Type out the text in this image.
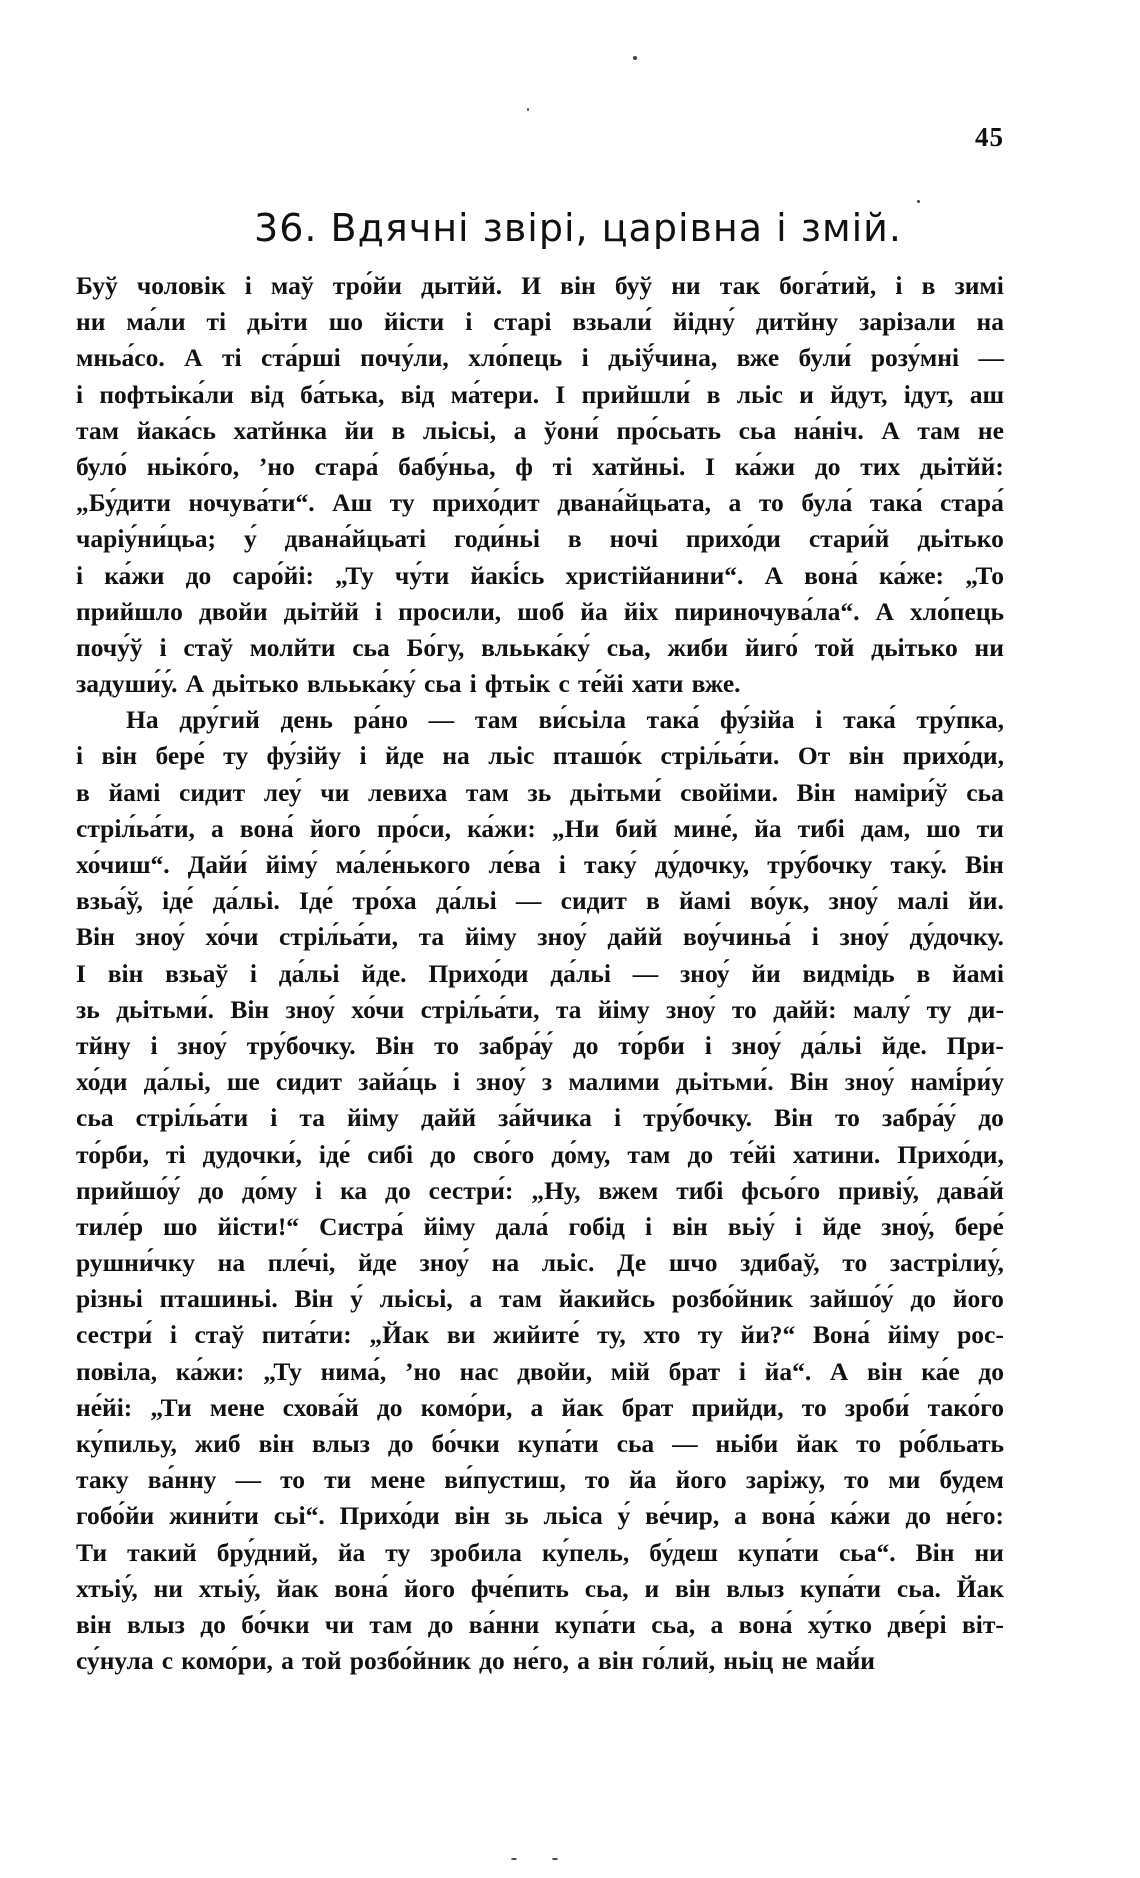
45
36. Вдячні звірі, царівна і змій.
Буў чоловік і маў тро́йи дытйй. И він буў ни так бога́тий, і в зимі
ни ма́ли ті дьіти шо йісти і старі взьали́ йідну́ дитйну зарізали на
мньа́со. А ті ста́рші почу́ли, хло́пець і дьіў́чина, вже були́ розу́мні —
і пофтьіка́ли від ба́тька, від ма́тери. І прийшли́ в льіс и йдут, ідут, аш
там йака́сь хатйнка йи в льісьі, а ўони́ про́сьать сьа на́ніч. А там не
було́ ньіко́го, ’но стара́ бабу́ньа, ф ті хатйньі. І ка́жи до тих дьітйй:
„Бу́дити ночува́ти“. Аш ту прихо́дит двана́йцьата, а то була́ така́ стара́
чаріу́ни́цьа; у́ двана́йцьаті годи́ньі в ночі прихо́ди стари́й дьітько
і ка́жи до саро́йі: „Ту чу́ти йакі́сь христійанини“. А вона́ ка́же: „То
прийшло двойи дьітйй і просили, шоб йа йіх пириночува́ла“. А хло́пець
почу́ў і стаў молйти сьа Бо́гу, вльька́ку́ сьа, жиби йиго́ той дьітько ни
задуши́у́. А дьітько вльька́ку́ сьа і фтьік с те́йі хати вже.
На дру́гий день ра́но — там ви́сьіла така́ фу́зійа і така́ тру́пка,
і він бере́ ту фу́зійу і йде на льіс пташо́к стріл́ьа́ти. От він прихо́ди,
в йамі сидит леу́ чи левиха там зь дьітьми́ свойіми. Він наміри́ў сьа
стріл́ьа́ти, а вона́ його про́си, ка́жи: „Ни бий мине́, йа тибі дам, шо ти
хо́чиш“. Дайи́ йіму́ ма́ле́нького ле́ва і таку́ ду́дочку, тру́бочку таку́. Він
взьа́ў, іде́ да́льі. Іде́ тро́ха да́льі — сидит в йамі во́ук, зноу́ малі йи.
Він зноу́ хо́чи стріл́ьа́ти, та йіму зноу́ дайй воу́чиньа́ і зноу́ ду́дочку.
І він взьаў і да́льі йде. Прихо́ди да́льі — зноу́ йи видмідь в йамі
зь дьітьми́. Він зноу́ хо́чи стріл́ьа́ти, та йіму зноу́ то дайй: малу́ ту ди-
тйну і зноу́ тру́бочку. Він то забра́у́ до то́рби і зноу́ да́льі йде. При-
хо́ди да́льі, ше сидит зайа́ць і зноу́ з малими дьітьми́. Він зноу́ намі́ри́у
сьа стріл́ьа́ти і та йіму дайй за́йчика і тру́бочку. Він то забра́у́ до
то́рби, ті дудочки́, іде́ сибі до сво́го до́му, там до те́йі хатини. Прихо́ди,
прийшо́у́ до до́му і ка до сестри́: „Ну, вжем тибі фсьо́го привіу́, дава́й
тиле́р шо йісти!“ Систра́ йіму дала́ гобід і він вьіу́ і йде зноу́, бере́
рушни́чку на пле́чі, йде зноу́ на льіс. Де шчо здибаў, то застрілиу́,
різньі пташиньі. Він у́ льісьі, а там йакийсь розбо́йник зайшо́у́ до його
сестри́ і стаў пита́ти: „Йак ви жийите́ ту, хто ту йи?“ Вона́ йіму рос-
повіла, ка́жи: „Ту нима́, ’но нас двойи, мій брат і йа“. А він ка́е до
не́йі: „Ти мене схова́й до комо́ри, а йак брат прийди, то зроби́ тако́го
ку́пильу, жиб він влыз до бо́чки купа́ти сьа — ньіби йак то ро́бльать
таку ва́нну — то ти мене ви́пустиш, то йа його заріжу, то ми будем
гобо́йи жини́ти сьі“. Прихо́ди він зь льіса у́ ве́чир, а вона́ ка́жи до не́го:
Ти такий бру́дний, йа ту зробила ку́пель, бу́деш купа́ти сьа“. Він ни
хтьіу́, ни хтьіу́, йак вона́ його фче́пить сьа, и він влыз купа́ти сьа. Йак
він влыз до бо́чки чи там до ва́нни купа́ти сьа, а вона́ ху́тко две́рі віт-
су́нула с комо́ри, а той розбо́йник до не́го, а він го́лий, ньіц не май́и
